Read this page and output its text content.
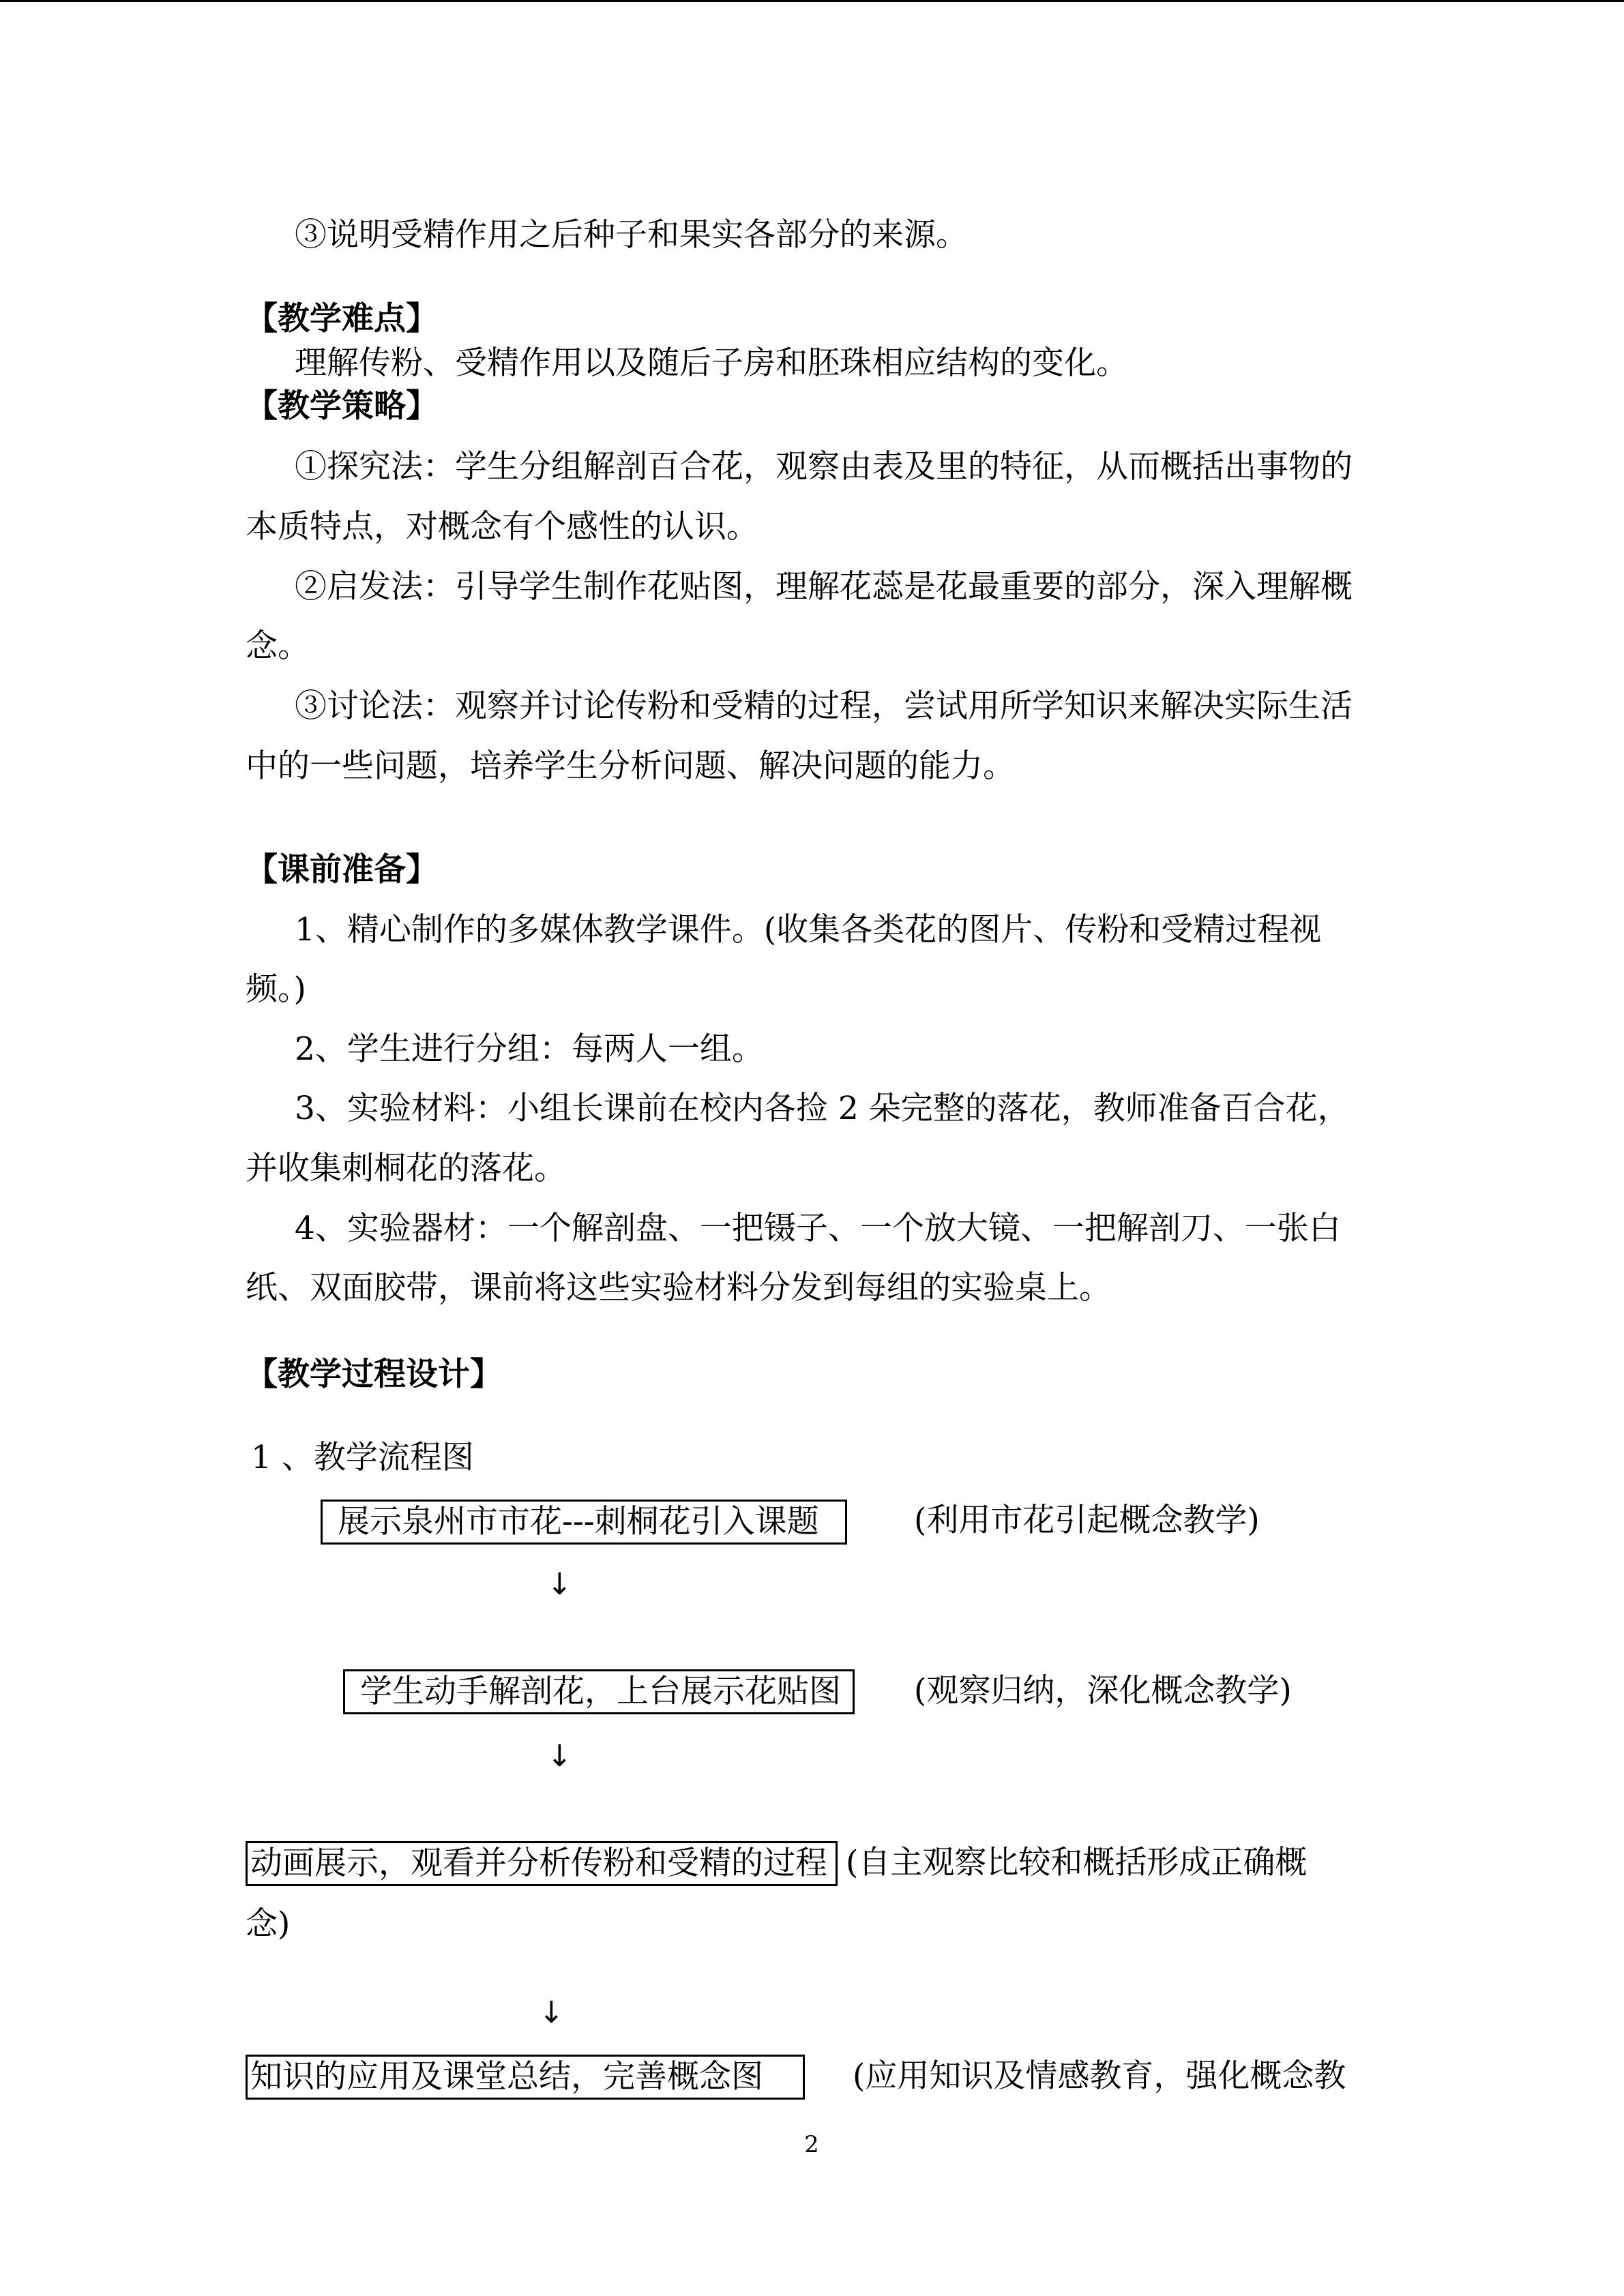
③说明受精作用之后种子和果实各部分的来源。
【教学难点】
理解传粉、受精作用以及随后子房和胚珠相应结构的变化。
【教学策略】
①探究法：学生分组解剖百合花，观察由表及里的特征，从而概括出事物的
本质特点，对概念有个感性的认识。
②启发法：引导学生制作花贴图，理解花蕊是花最重要的部分，深入理解概
念。
③讨论法：观察并讨论传粉和受精的过程，尝试用所学知识来解决实际生活
中的一些问题，培养学生分析问题、解决问题的能力。
【课前准备】
1、精心制作的多媒体教学课件。(收集各类花的图片、传粉和受精过程视
频。)
2、学生进行分组：每两人一组。
3、实验材料：小组长课前在校内各捡 2 朵完整的落花，教师准备百合花，
并收集刺桐花的落花。
4、实验器材：一个解剖盘、一把镊子、一个放大镜、一把解剖刀、一张白
纸、双面胶带，课前将这些实验材料分发到每组的实验桌上。
【教学过程设计】
1 、教学流程图
展示泉州市市花---刺桐花引入课题	(利用市花引起概念教学)
↓
学生动手解剖花，上台展示花贴图	(观察归纳，深化概念教学)
↓
动画展示，观看并分析传粉和受精的过程 (自主观察比较和概括形成正确概
念)
↓
知识的应用及课堂总结，完善概念图	(应用知识及情感教育，强化概念教
2
